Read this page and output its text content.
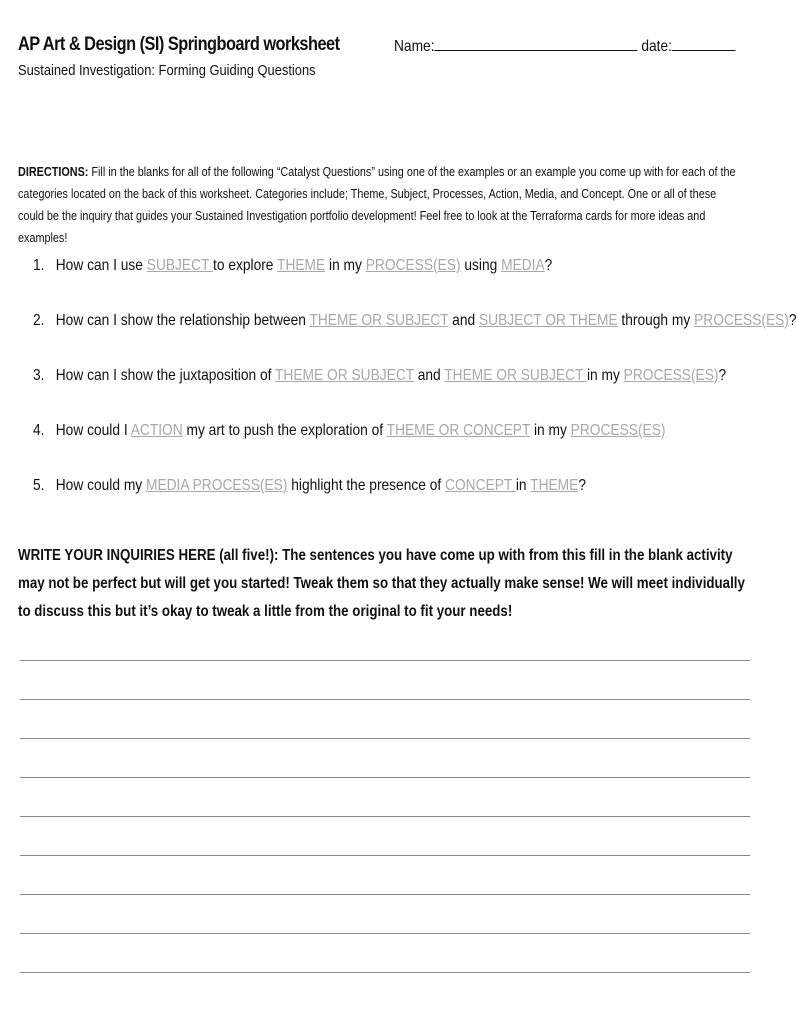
AP Art & Design (SI) Springboard worksheet
Sustained Investigation: Forming Guiding Questions
Name:	date:
DIRECTIONS: Fill in the blanks for all of the following “Catalyst Questions” using one of the examples or an example you come up with for each of the categories located on the back of this worksheet. Categories include; Theme, Subject, Processes, Action, Media, and Concept. One or all of these could be the inquiry that guides your Sustained Investigation portfolio development! Feel free to look at the Terraforma cards for more ideas and examples!
1. How can I use SUBJECT to explore THEME in my PROCESS(ES) using MEDIA?
2. How can I show the relationship between THEME OR SUBJECT and SUBJECT OR THEME through my PROCESS(ES)?
3. How can I show the juxtaposition of THEME OR SUBJECT and THEME OR SUBJECT in my PROCESS(ES)?
4. How could I ACTION my art to push the exploration of THEME OR CONCEPT in my PROCESS(ES)
5. How could my MEDIA PROCESS(ES) highlight the presence of CONCEPT in THEME?
WRITE YOUR INQUIRIES HERE (all five!): The sentences you have come up with from this fill in the blank activity may not be perfect but will get you started! Tweak them so that they actually make sense! We will meet individually to discuss this but it’s okay to tweak a little from the original to fit your needs!
